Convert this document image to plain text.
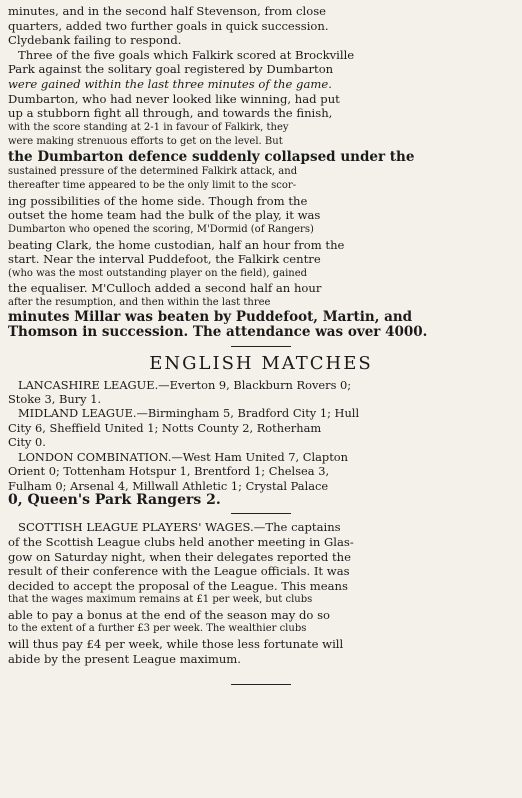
minutes, and in the second half Stevenson, from close
quarters, added two further goals in quick succession.
Clydebank failing to respond.
Three of the five goals which Falkirk scored at Brockville
Park against the solitary goal registered by Dumbarton
were gained within the last three minutes of the game.
Dumbarton, who had never looked like winning, had put
up a stubborn fight all through, and towards the finish,
with the score standing at 2-1 in favour of Falkirk, they
were making strenuous efforts to get on the level. But
the Dumbarton defence suddenly collapsed under the
sustained pressure of the determined Falkirk attack, and
thereafter time appeared to be the only limit to the scor-
ing possibilities of the home side. Though from the
outset the home team had the bulk of the play, it was
Dumbarton who opened the scoring, M'Dormid (of Rangers)
beating Clark, the home custodian, half an hour from the
start. Near the interval Puddefoot, the Falkirk centre
(who was the most outstanding player on the field), gained
the equaliser. M'Culloch added a second half an hour
after the resumption, and then within the last three
minutes Millar was beaten by Puddefoot, Martin, and
Thomson in succession. The attendance was over 4000.

ENGLISH MATCHES

LANCASHIRE LEAGUE.—Everton 9, Blackburn Rovers 0;
Stoke 3, Bury 1.
MIDLAND LEAGUE.—Birmingham 5, Bradford City 1; Hull
City 6, Sheffield United 1; Notts County 2, Rotherham
City 0.
LONDON COMBINATION.—West Ham United 7, Clapton
Orient 0; Tottenham Hotspur 1, Brentford 1; Chelsea 3,
Fulham 0; Arsenal 4, Millwall Athletic 1; Crystal Palace
0, Queen's Park Rangers 2.

SCOTTISH LEAGUE PLAYERS' WAGES.—The captains
of the Scottish League clubs held another meeting in Glas-
gow on Saturday night, when their delegates reported the
result of their conference with the League officials. It was
decided to accept the proposal of the League. This means
that the wages maximum remains at £1 per week, but clubs
able to pay a bonus at the end of the season may do so
to the extent of a further £3 per week. The wealthier clubs
will thus pay £4 per week, while those less fortunate will
abide by the present League maximum.
